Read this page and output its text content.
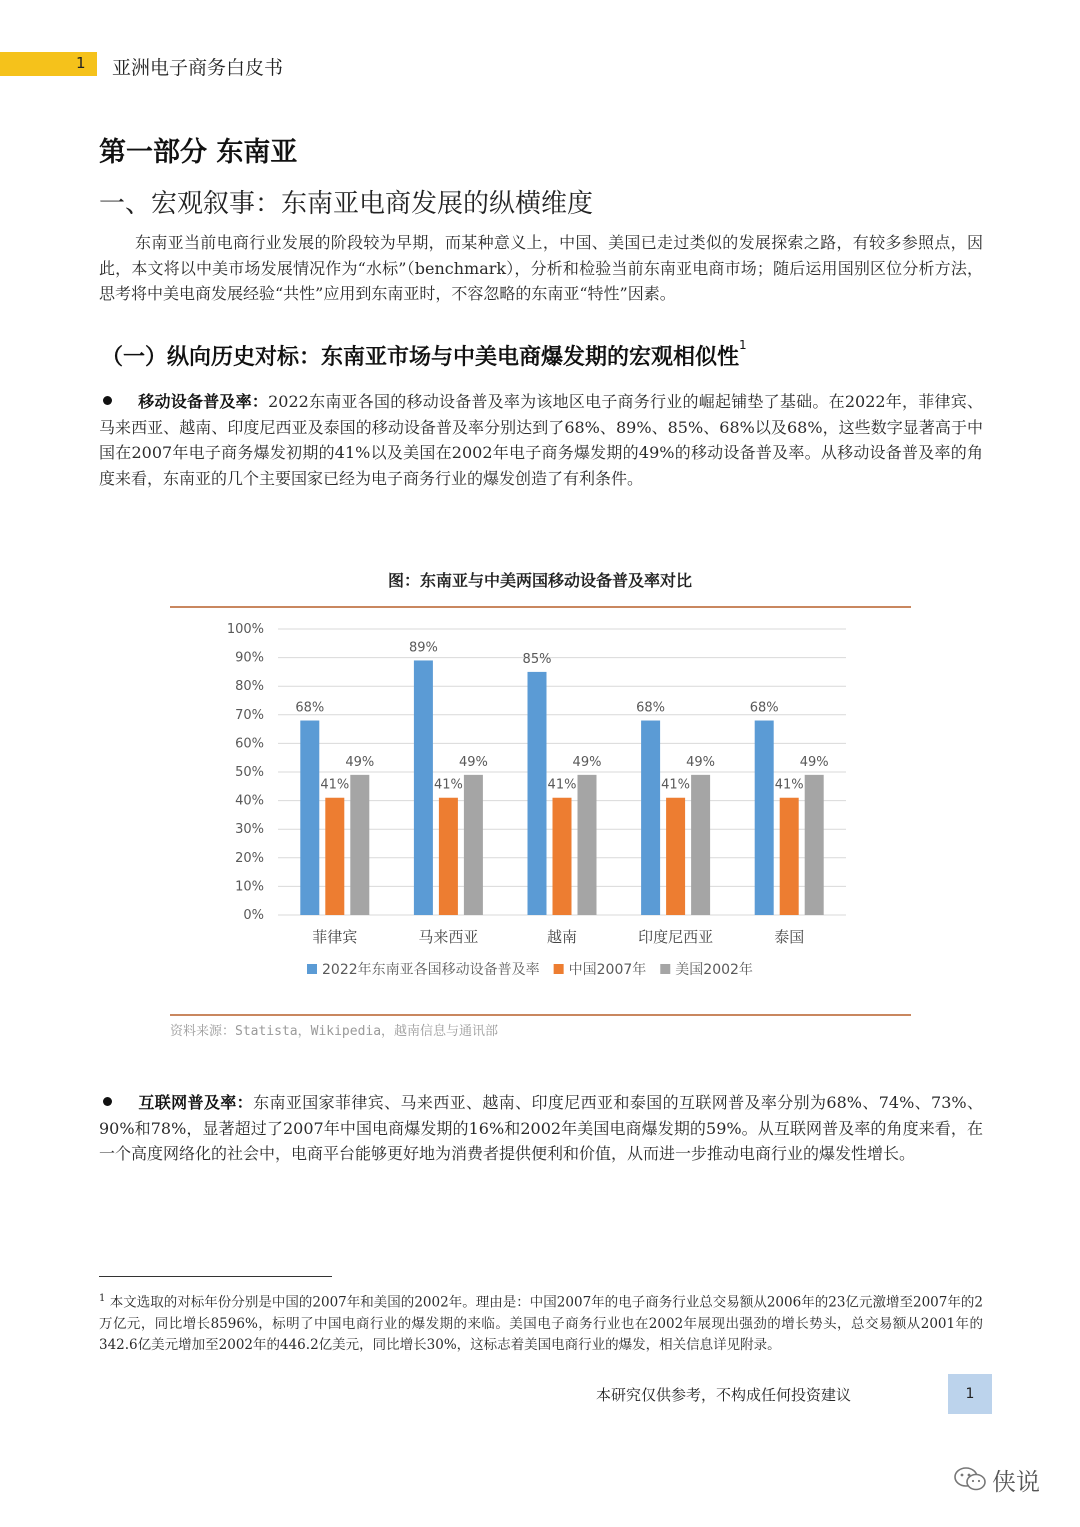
1 亚洲电子商务白皮书
第一部分 东南亚
一、宏观叙事：东南亚电商发展的纵横维度
东南亚当前电商行业发展的阶段较为早期，而某种意义上，中国、美国已走过类似的发展探索之路，有较多参照点，因此，本文将以中美市场发展情况作为“水标”（benchmark），分析和检验当前东南亚电商市场；随后运用国别区位分析方法，思考将中美电商发展经验“共性”应用到东南亚时，不容忽略的东南亚“特性”因素。
（一）纵向历史对标：东南亚市场与中美电商爆发期的宏观相似性$^1$
移动设备普及率：2022东南亚各国的移动设备普及率为该地区电子商务行业的崛起铺垫了基础。在2022年，菲律宾、马来西亚、越南、印度尼西亚及泰国的移动设备普及率分别达到了68%、89%、85%、68%以及68%，这些数字显著高于中国在2007年电子商务爆发初期的41%以及美国在2002年电子商务爆发期的49%的移动设备普及率。从移动设备普及率的角度来看，东南亚的几个主要国家已经为电子商务行业的爆发创造了有利条件。
图：东南亚与中美两国移动设备普及率对比
0%
10%
20%
30%
40%
50%
60%
70%
80%
90%
100%
68%
41%
49%
菲律宾
89%
41%
49%
马来西亚
85%
41%
49%
越南
68%
41%
49%
印度尼西亚
68%
41%
49%
泰国
2022年东南亚各国移动设备普及率 中国2007年 美国2002年
资料来源：Statista，Wikipedia，越南信息与通讯部
互联网普及率：东南亚国家菲律宾、马来西亚、越南、印度尼西亚和泰国的互联网普及率分别为68%、74%、73%、90%和78%，显著超过了2007年中国电商爆发期的16%和2002年美国电商爆发期的59%。从互联网普及率的角度来看，在一个高度网络化的社会中，电商平台能够更好地为消费者提供便利和价值，从而进一步推动电商行业的爆发性增长。
$^1$ 本文选取的对标年份分别是中国的2007年和美国的2002年。理由是：中国2007年的电子商务行业总交易额从2006年的23亿元激增至2007年的2万亿元，同比增长8596%，标明了中国电商行业的爆发期的来临。美国电子商务行业也在2002年展现出强劲的增长势头，总交易额从2001年的342.6亿美元增加至2002年的446.2亿美元，同比增长30%，这标志着美国电商行业的爆发，相关信息详见附录。
本研究仅供参考，不构成任何投资建议	1
侠说
